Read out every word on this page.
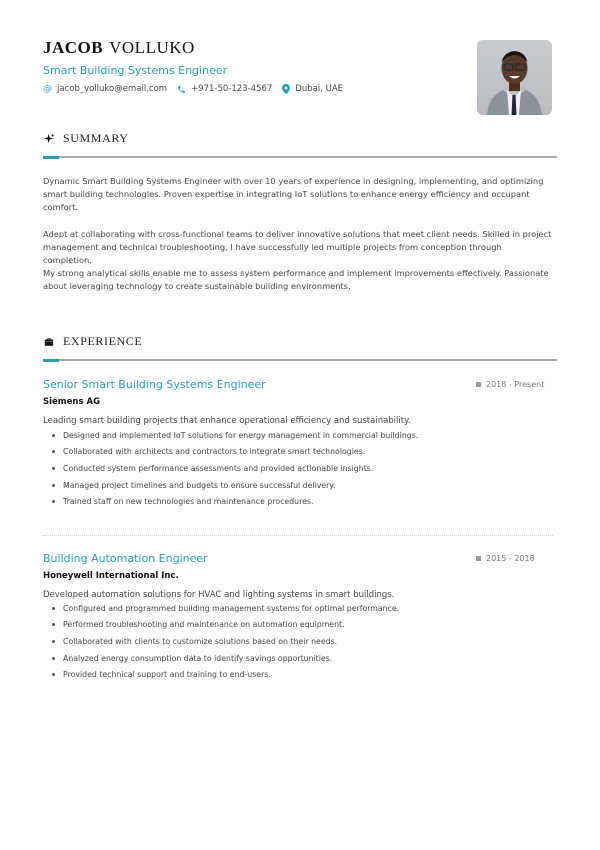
JACOB VOLLUKO
Smart Building Systems Engineer
@ jacob_volluko@email.com	+971-50-123-4567	Dubai, UAE
SUMMARY

Dynamic Smart Building Systems Engineer with over 10 years of experience in designing, implementing, and optimizing smart building technologies. Proven expertise in integrating IoT solutions to enhance energy efficiency and occupant comfort.

Adept at collaborating with cross-functional teams to deliver innovative solutions that meet client needs. Skilled in project management and technical troubleshooting, I have successfully led multiple projects from conception through completion.

My strong analytical skills enable me to assess system performance and implement improvements effectively. Passionate about leveraging technology to create sustainable building environments.

EXPERIENCE
Senior Smart Building Systems Engineer	2018 - Present
Siemens AG
Leading smart building projects that enhance operational efficiency and sustainability.
Designed and implemented IoT solutions for energy management in commercial buildings.
Collaborated with architects and contractors to integrate smart technologies.
Conducted system performance assessments and provided actionable insights.
Managed project timelines and budgets to ensure successful delivery.
Trained staff on new technologies and maintenance procedures.
Building Automation Engineer	2015 - 2018
Honeywell International Inc.
Developed automation solutions for HVAC and lighting systems in smart buildings.
Configured and programmed building management systems for optimal performance.
Performed troubleshooting and maintenance on automation equipment.
Collaborated with clients to customize solutions based on their needs.
Analyzed energy consumption data to identify savings opportunities.
Provided technical support and training to end-users.
